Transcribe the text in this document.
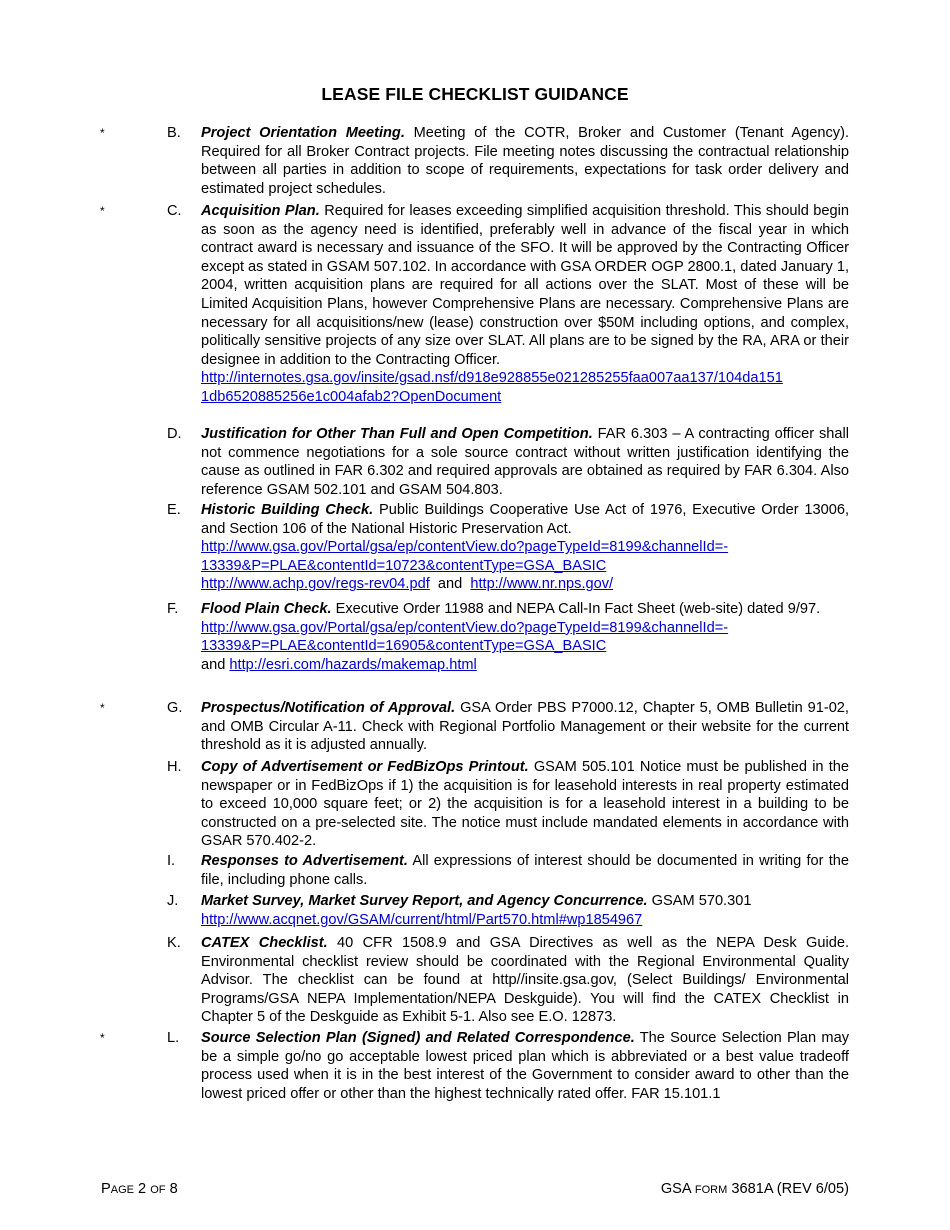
LEASE FILE CHECKLIST GUIDANCE
*	B. Project Orientation Meeting. Meeting of the COTR, Broker and Customer (Tenant Agency). Required for all Broker Contract projects. File meeting notes discussing the contractual relationship between all parties in addition to scope of requirements, expectations for task order delivery and estimated project schedules.
*	C. Acquisition Plan. Required for leases exceeding simplified acquisition threshold. This should begin as soon as the agency need is identified, preferably well in advance of the fiscal year in which contract award is necessary and issuance of the SFO. It will be approved by the Contracting Officer except as stated in GSAM 507.102. In accordance with GSA ORDER OGP 2800.1, dated January 1, 2004, written acquisition plans are required for all actions over the SLAT. Most of these will be Limited Acquisition Plans, however Comprehensive Plans are necessary. Comprehensive Plans are necessary for all acquisitions/new (lease) construction over $50M including options, and complex, politically sensitive projects of any size over SLAT. All plans are to be signed by the RA, ARA or their designee in addition to the Contracting Officer.
http://internotes.gsa.gov/insite/gsad.nsf/d918e928855e021285255faa007aa137/104da151
1db6520885256e1c004afab2?OpenDocument
D. Justification for Other Than Full and Open Competition. FAR 6.303 – A contracting officer shall not commence negotiations for a sole source contract without written justification identifying the cause as outlined in FAR 6.302 and required approvals are obtained as required by FAR 6.304. Also reference GSAM 502.101 and GSAM 504.803.
E. Historic Building Check. Public Buildings Cooperative Use Act of 1976, Executive Order 13006, and Section 106 of the National Historic Preservation Act.
http://www.gsa.gov/Portal/gsa/ep/contentView.do?pageTypeId=8199&channelId=-
13339&P=PLAE&contentId=10723&contentType=GSA_BASIC
http://www.achp.gov/regs-rev04.pdf and http://www.nr.nps.gov/
F. Flood Plain Check. Executive Order 11988 and NEPA Call-In Fact Sheet (web-site) dated 9/97.
http://www.gsa.gov/Portal/gsa/ep/contentView.do?pageTypeId=8199&channelId=-
13339&P=PLAE&contentId=16905&contentType=GSA_BASIC
and http://esri.com/hazards/makemap.html
*	G. Prospectus/Notification of Approval. GSA Order PBS P7000.12, Chapter 5, OMB Bulletin 91-02, and OMB Circular A-11. Check with Regional Portfolio Management or their website for the current threshold as it is adjusted annually.
H. Copy of Advertisement or FedBizOps Printout. GSAM 505.101 Notice must be published in the newspaper or in FedBizOps if 1) the acquisition is for leasehold interests in real property estimated to exceed 10,000 square feet; or 2) the acquisition is for a leasehold interest in a building to be constructed on a pre-selected site. The notice must include mandated elements in accordance with GSAR 570.402-2.
I. Responses to Advertisement. All expressions of interest should be documented in writing for the file, including phone calls.
J. Market Survey, Market Survey Report, and Agency Concurrence. GSAM 570.301
http://www.acqnet.gov/GSAM/current/html/Part570.html#wp1854967
K. CATEX Checklist. 40 CFR 1508.9 and GSA Directives as well as the NEPA Desk Guide. Environmental checklist review should be coordinated with the Regional Environmental Quality Advisor. The checklist can be found at http//insite.gsa.gov, (Select Buildings/ Environmental Programs/GSA NEPA Implementation/NEPA Deskguide). You will find the CATEX Checklist in Chapter 5 of the Deskguide as Exhibit 5-1. Also see E.O. 12873.
*	L. Source Selection Plan (Signed) and Related Correspondence. The Source Selection Plan may be a simple go/no go acceptable lowest priced plan which is abbreviated or a best value tradeoff process used when it is in the best interest of the Government to consider award to other than the lowest priced offer or other than the highest technically rated offer. FAR 15.101.1
PAGE 2 OF 8	GSA FORM 3681A (REV 6/05)
